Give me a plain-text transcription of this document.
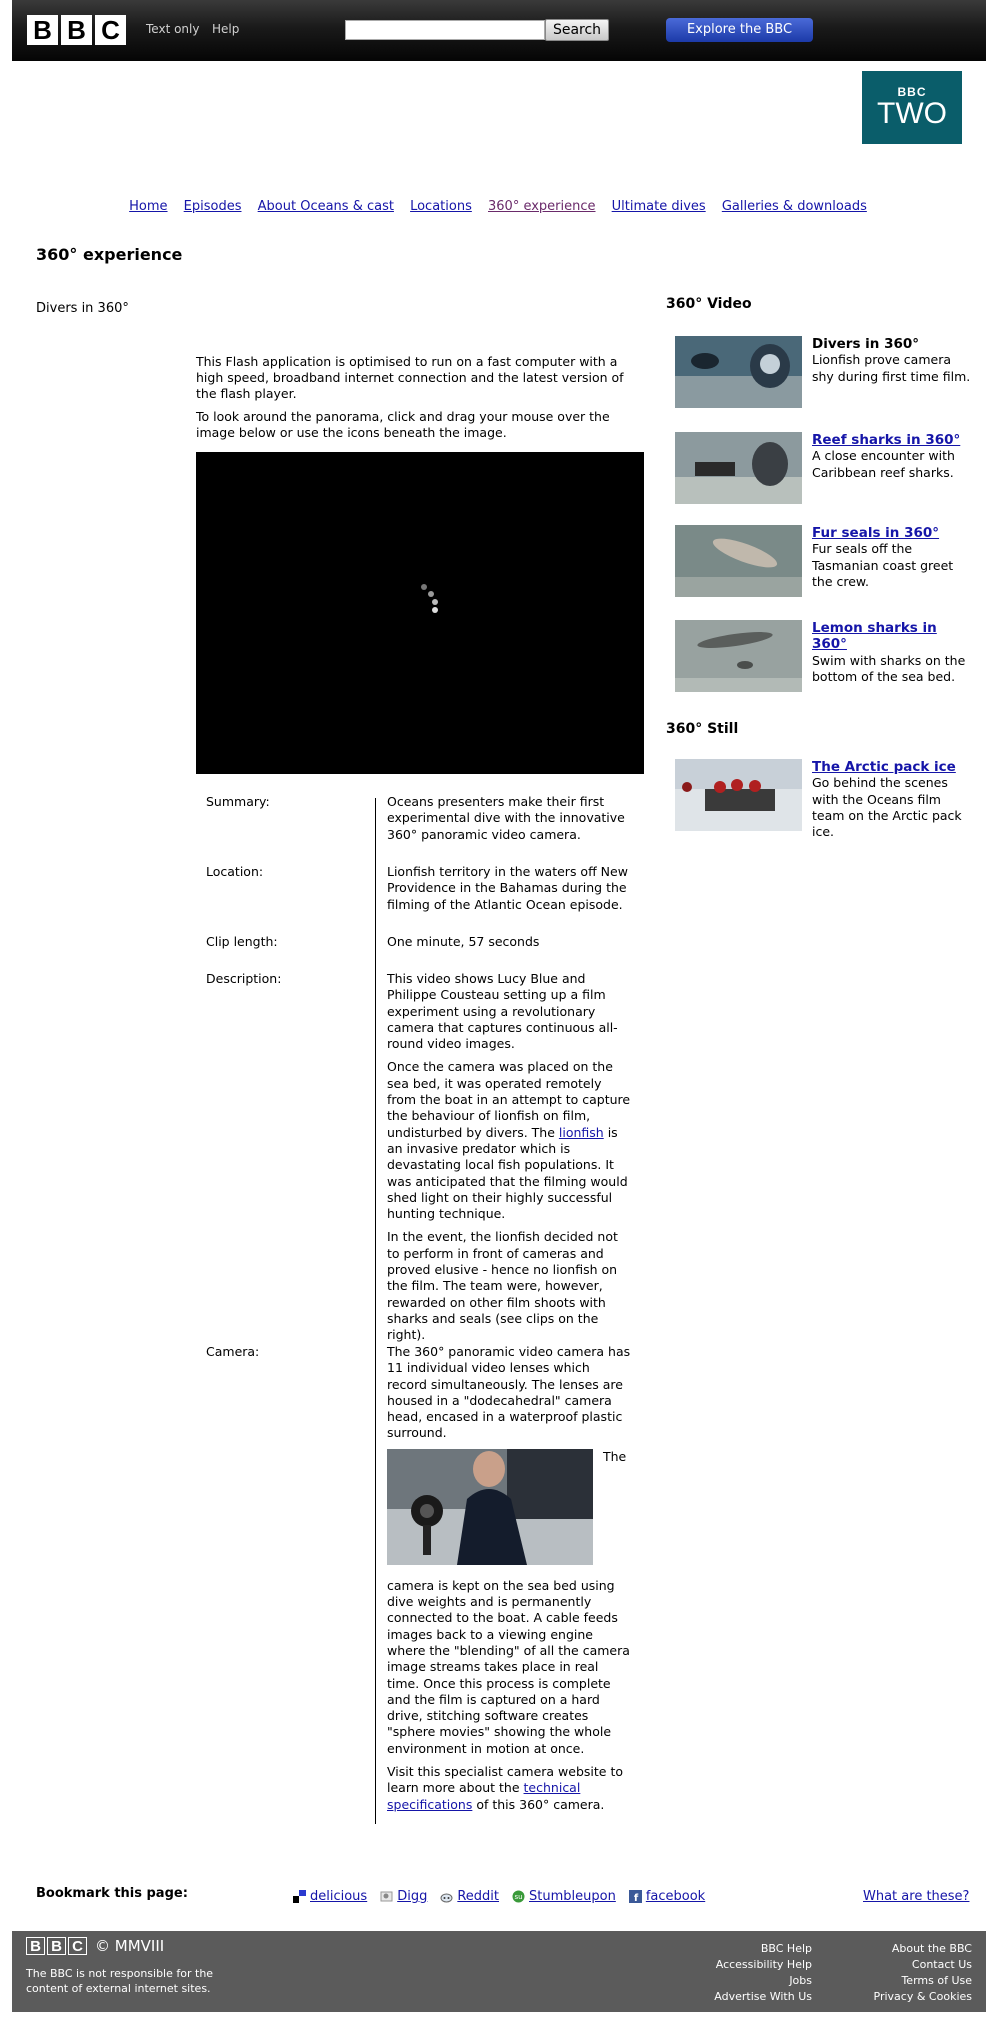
B B C	Text only Help	Search	Explore the BBC
BBC
TWO
Home Episodes About Oceans & cast Locations 360° experience Ultimate dives Galleries & downloads
360° experience
Divers in 360°

This Flash application is optimised to run on a fast computer with a high speed, broadband internet connection and the latest version of the flash player.

To look around the panorama, click and drag your mouse over the image below or use the icons beneath the image.

Summary:	Oceans presenters make their first experimental dive with the innovative 360° panoramic video camera.
Location:	Lionfish territory in the waters off New Providence in the Bahamas during the filming of the Atlantic Ocean episode.
Clip length:	One minute, 57 seconds
Description:	This video shows Lucy Blue and Philippe Cousteau setting up a film experiment using a revolutionary camera that captures continuous all-round video images.

Once the camera was placed on the sea bed, it was operated remotely from the boat in an attempt to capture the behaviour of lionfish on film, undisturbed by divers. The lionfish is an invasive predator which is devastating local fish populations. It was anticipated that the filming would shed light on their highly successful hunting technique.

In the event, the lionfish decided not to perform in front of cameras and proved elusive - hence no lionfish on the film. The team were, however, rewarded on other film shoots with sharks and seals (see clips on the right).

Camera:	The 360° panoramic video camera has 11 individual video lenses which record simultaneously. The lenses are housed in a "dodecahedral" camera head, encased in a waterproof plastic surround.

The

camera is kept on the sea bed using dive weights and is permanently connected to the boat. A cable feeds images back to a viewing engine where the "blending" of all the camera image streams takes place in real time. Once this process is complete and the film is captured on a hard drive, stitching software creates "sphere movies" showing the whole environment in motion at once.

Visit this specialist camera website to learn more about the technical specifications of this 360° camera.

360° Video
Divers in 360°
Lionfish prove camera shy during first time film.
Reef sharks in 360°
A close encounter with Caribbean reef sharks.
Fur seals in 360°
Fur seals off the Tasmanian coast greet the crew.
Lemon sharks in 360°
Swim with sharks on the bottom of the sea bed.
360° Still
The Arctic pack ice
Go behind the scenes with the Oceans film team on the Arctic pack ice.
Bookmark this page:	delicious Digg Reddit su Stumbleupon f facebook	What are these?
B B C © MMVIII
The BBC is not responsible for the content of external internet sites.
BBC Help
Accessibility Help
Jobs
Advertise With Us
About the BBC
Contact Us
Terms of Use
Privacy & Cookies
